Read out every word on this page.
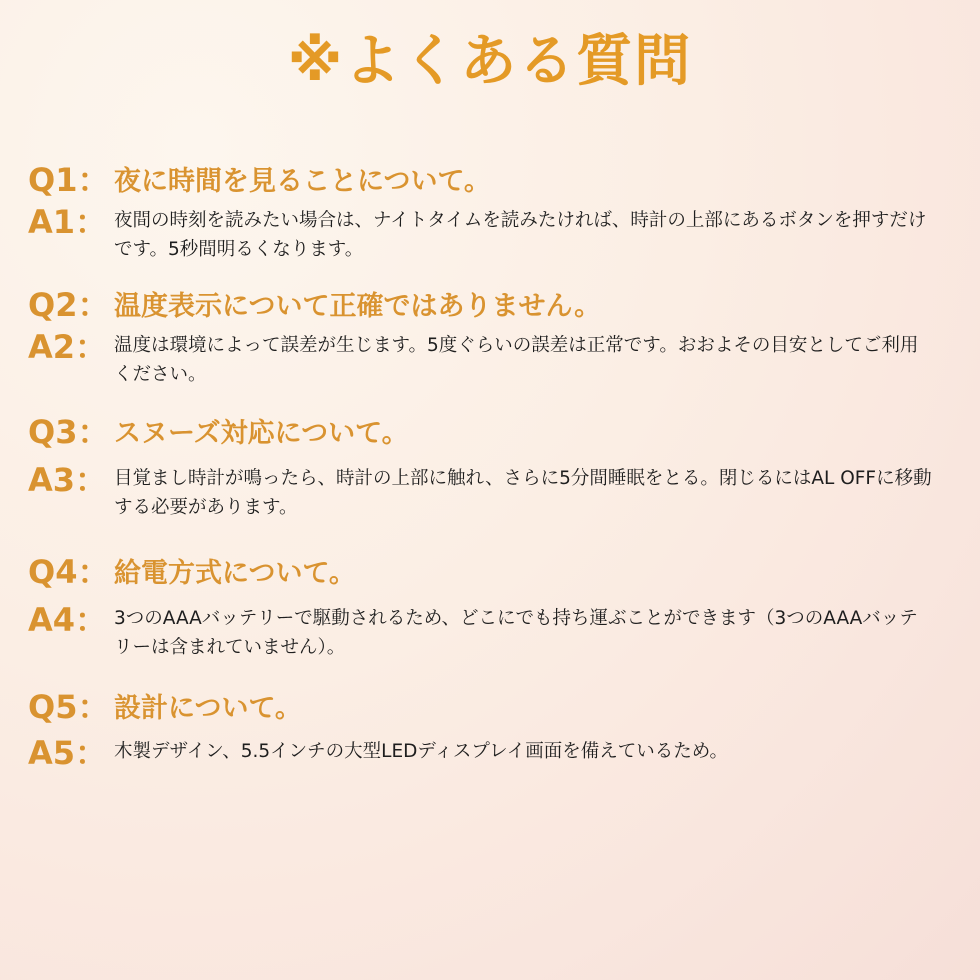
※よくある質問
Q1： 夜に時間を見ることについて。
A1： 夜間の時刻を読みたい場合は、ナイトタイムを読みたければ、時計の上部にあるボタンを押すだけです。5秒間明るくなります。
Q2： 温度表示について正確ではありません。
A2： 温度は環境によって誤差が生じます。5度ぐらいの誤差は正常です。おおよその目安としてご利用ください。
Q3： スヌーズ対応について。
A3： 目覚まし時計が鳴ったら、時計の上部に触れ、さらに5分間睡眠をとる。閉じるにはAL OFFに移動する必要があります。
Q4： 給電方式について。
A4： 3つのAAAバッテリーで駆動されるため、どこにでも持ち運ぶことができます（3つのAAAバッテリーは含まれていません）。
Q5： 設計について。
A5： 木製デザイン、5.5インチの大型LEDディスプレイ画面を備えているため。
